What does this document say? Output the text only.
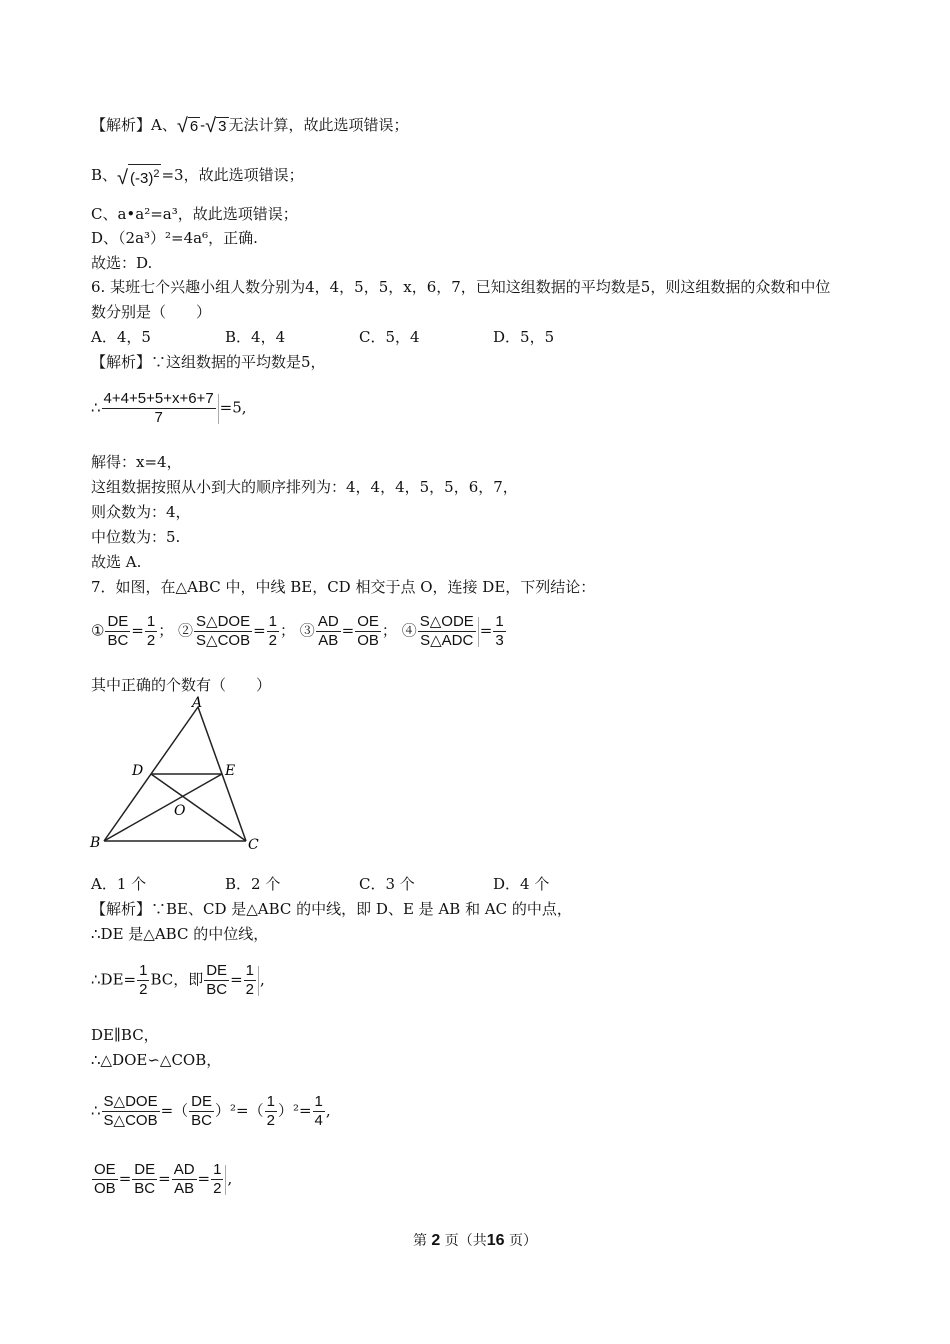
【解析】A、 √ 6 - √ 3 无法计算，故此选项错误；
B、 √ $(-3)^2 =3$，故此选项错误；
C、a•a²=a³，故此选项错误；
D、（2a³）²=4a⁶，正确.
故选：D.
6. 某班七个兴趣小组人数分别为4，4，5，5，x，6，7，已知这组数据的平均数是5，则这组数据的众数和中位
数分别是（　　）
A．4，5	B．4，4	C．5，4	D．5，5
【解析】∵这组数据的平均数是5，
∴ $\frac{4+4+5+5+x+6+7}{7} =5$,
解得：x=4，
这组数据按照从小到大的顺序排列为：4，4，4，5，5，6，7，
则众数为：4，
中位数为：5.
故选 A.
7．如图，在△ABC 中，中线 BE，CD 相交于点 O，连接 DE，下列结论：
① $\frac{DE}{BC} = \frac{1}{2}$ ； ② $\frac{\text{S△DOE}}{\text{S△COB}} = \frac{1}{2}$ ； ③ $\frac{AD}{AB} = \frac{OE}{OB}$ ； ④ $\frac{\text{S△ODE}}{\text{S△ADC}} = \frac{1}{3}$
其中正确的个数有（　　）
A
B	C
D	E
O
A．1 个	B．2 个	C．3 个	D．4 个
【解析】∵BE、CD 是△ABC 的中线，即 D、E 是 AB 和 AC 的中点，
∴DE 是△ABC 的中位线，
∴DE= $\frac{1}{2}$ BC，即 $\frac{DE}{BC} = \frac{1}{2}$ ,
DE∥BC，
∴△DOE∽△COB，
∴ $\frac{\text{S△DOE}}{\text{S△COB}}$ =（ $\frac{DE}{BC} )^2=( \frac{1}{2} )^2= \frac{1}{4}$ ,
$\frac{OE}{OB} = \frac{DE}{BC} = \frac{AD}{AB} = \frac{1}{2}$ ,
第 2 页（共16 页）
